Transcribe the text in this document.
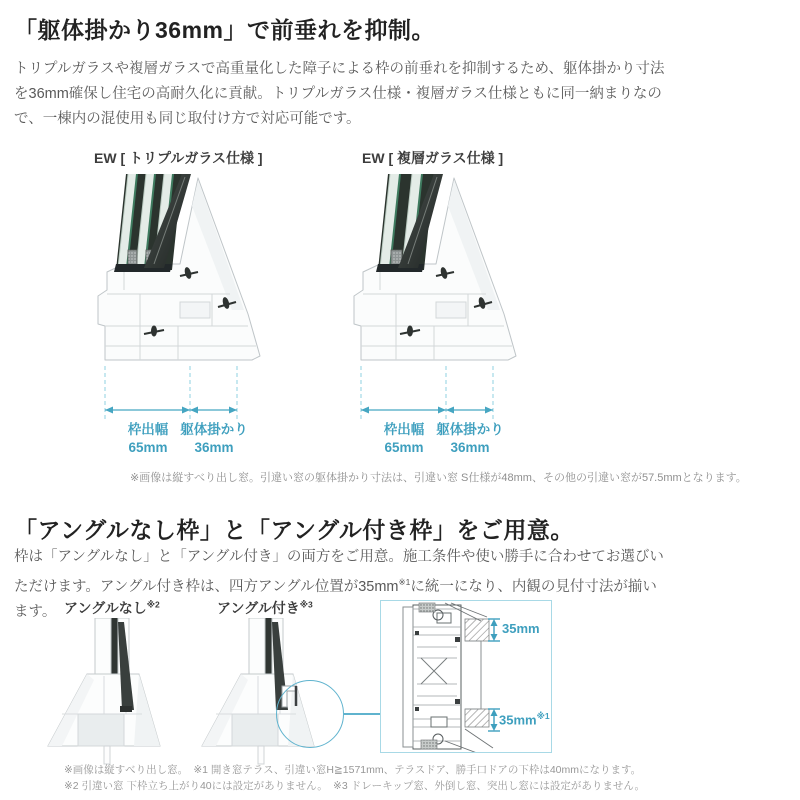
「躯体掛かり36mm」で前垂れを抑制。

トリプルガラスや複層ガラスで高重量化した障子による枠の前垂れを抑制するため、躯体掛かり寸法を36mm確保し住宅の高耐久化に貢献。トリプルガラス仕様・複層ガラス仕様ともに同一納まりなので、一棟内の混使用も同じ取付け方で対応可能です。

EW [ トリプルガラス仕様 ]
枠出幅
65mm
躯体掛かり
36mm
EW [ 複層ガラス仕様 ]
枠出幅
65mm
躯体掛かり
36mm

※画像は縦すべり出し窓。引違い窓の躯体掛かり寸法は、引違い窓 S仕様が48mm、その他の引違い窓が57.5mmとなります。

「アングルなし枠」と「アングル付き枠」をご用意。

枠は「アングルなし」と「アングル付き」の両方をご用意。施工条件や使い勝手に合わせてお選びいただけます。アングル付き枠は、四方アングル位置が$35mm^{※1}$に統一になり、内観の見付寸法が揃います。 アングルなし$^{※2}$	アングル付き$^{※3}$
35mm
$35mm^{※1}$

※画像は縦すべり出し窓。　※1 開き窓テラス、引違い窓H≧1571mm、テラスドア、勝手口ドアの下枠は40mmになります。

※2 引違い窓 下枠立ち上がり40には設定がありません。　※3 ドレーキップ窓、外倒し窓、突出し窓には設定がありません。
